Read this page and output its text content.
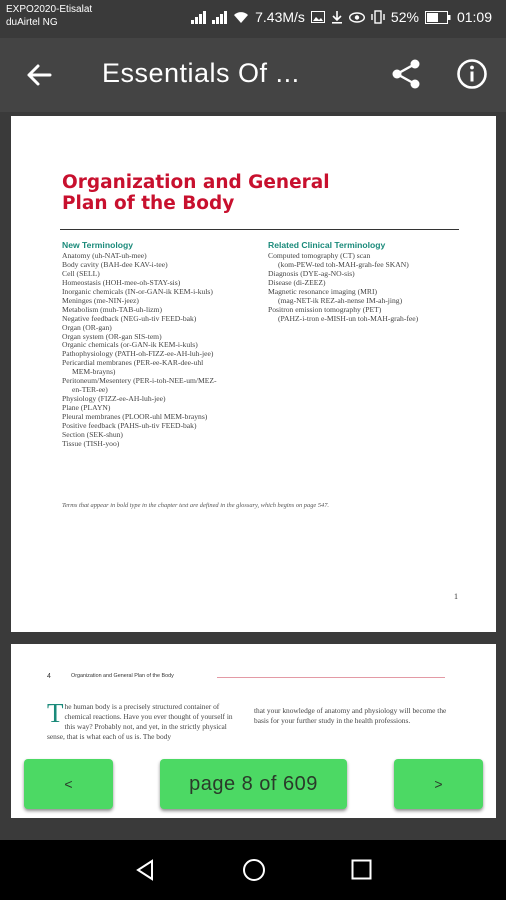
EXPO2020-Etisalat
duAirtel NG	7.43M/s	52%	01:09
Essentials Of ...
Organization and General
Plan of the Body
New Terminology
Anatomy (uh-NAT-uh-mee)
Body cavity (BAH-dee KAV-i-tee)
Cell (SELL)
Homeostasis (HOH-mee-oh-STAY-sis)
Inorganic chemicals (IN-or-GAN-ik KEM-i-kuls)
Meninges (me-NIN-jeez)
Metabolism (muh-TAB-uh-lizm)
Negative feedback (NEG-uh-tiv FEED-bak)
Organ (OR-gan)
Organ system (OR-gan SIS-tem)
Organic chemicals (or-GAN-ik KEM-i-kuls)
Pathophysiology (PATH-oh-FIZZ-ee-AH-luh-jee)
Pericardial membranes (PER-ee-KAR-dee-uhl
MEM-brayns)
Peritoneum/Mesentery (PER-i-toh-NEE-um/MEZ-
en-TER-ee)
Physiology (FIZZ-ee-AH-luh-jee)
Plane (PLAYN)
Pleural membranes (PLOOR-uhl MEM-brayns)
Positive feedback (PAHS-uh-tiv FEED-bak)
Section (SEK-shun)
Tissue (TISH-yoo)
Related Clinical Terminology
Computed tomography (CT) scan
(kom-PEW-ted toh-MAH-grah-fee SKAN)
Diagnosis (DYE-ag-NO-sis)
Disease (di-ZEEZ)
Magnetic resonance imaging (MRI)
(mag-NET-ik REZ-ah-nense IM-ah-jing)
Positron emission tomography (PET)
(PAHZ-i-tron e-MISH-un toh-MAH-grah-fee)
Terms that appear in bold type in the chapter text are defined in the glossary, which begins on page 547.
1
4	Organization and General Plan of the Body
The human body is a precisely structured container of chemical reactions. Have you ever thought of yourself in this way? Probably not, and yet, in the strictly physical sense, that is what each of us is. The body
that your knowledge of anatomy and physiology will become the basis for your further study in the health professions.
<	page 8 of 609	>
